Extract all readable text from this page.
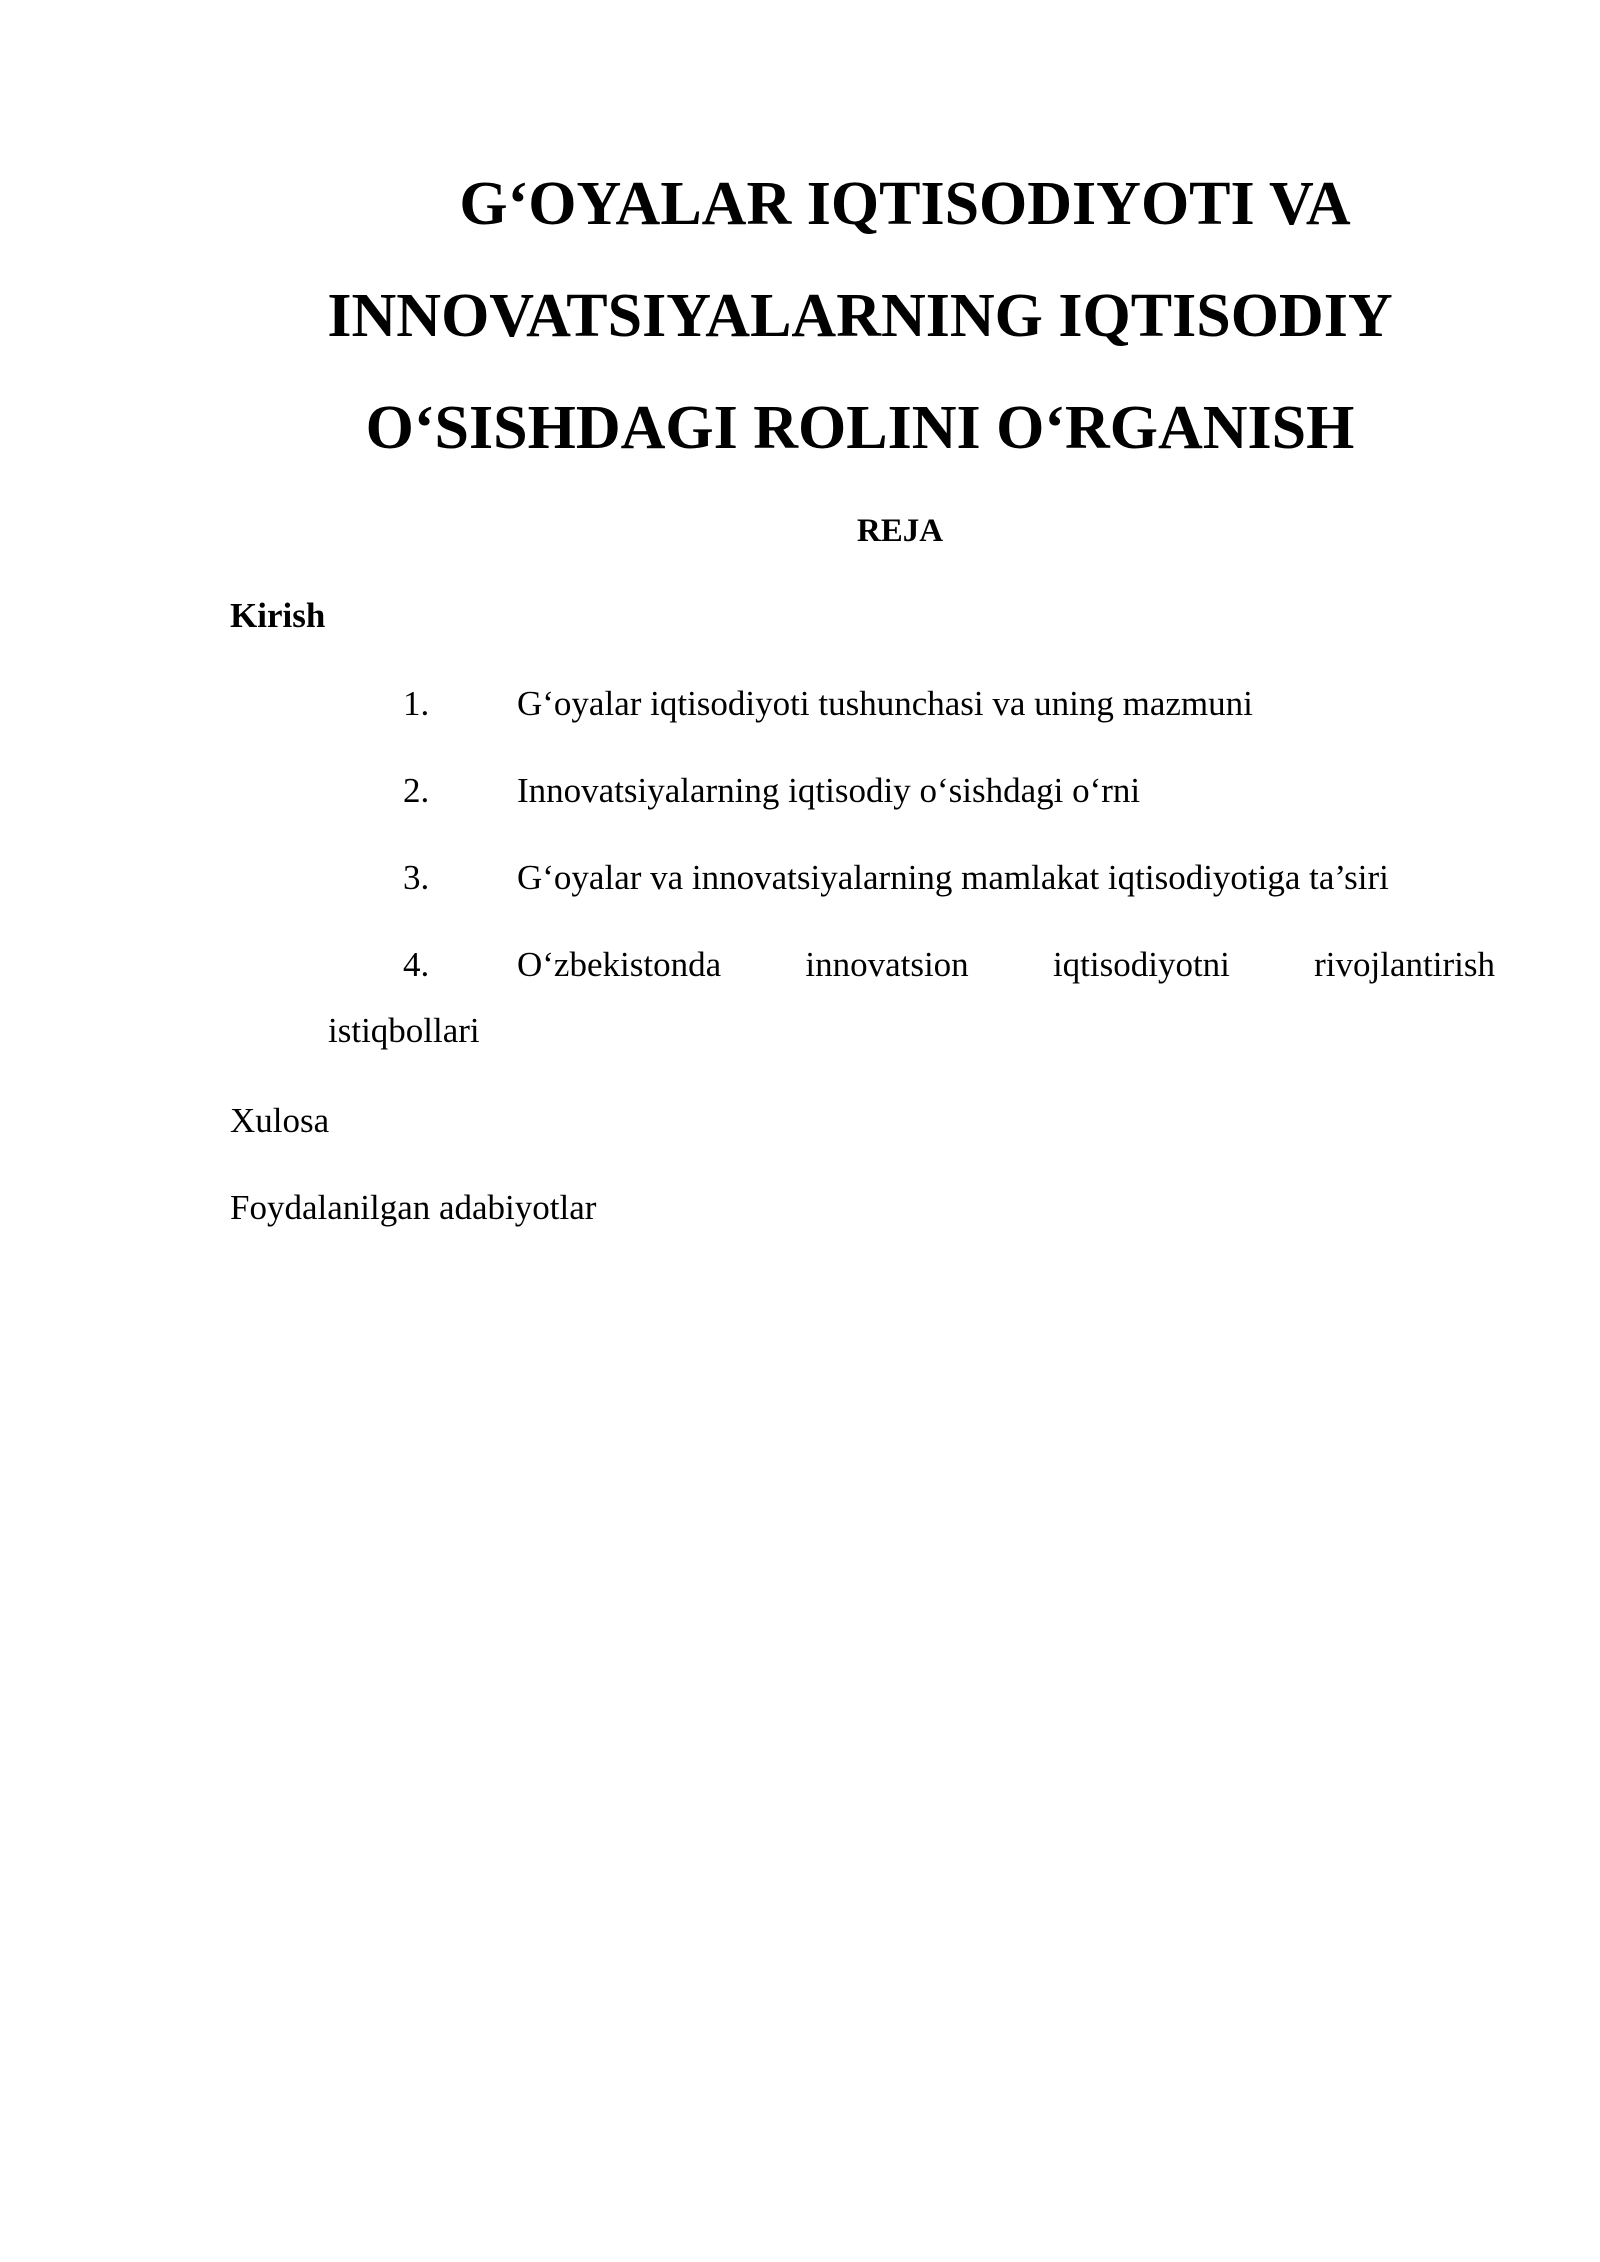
G‘OYALAR IQTISODIYOTI VA
INNOVATSIYALARNING IQTISODIY
O‘SISHDAGI ROLINI O‘RGANISH
REJA
Kirish
1.	G‘oyalar iqtisodiyoti tushunchasi va uning mazmuni
2.	Innovatsiyalarning iqtisodiy o‘sishdagi o‘rni
3.	G‘oyalar va innovatsiyalarning mamlakat iqtisodiyotiga ta’siri
4.	O‘zbekistonda innovatsion iqtisodiyotni rivojlantirish
istiqbollari
Xulosa
Foydalanilgan adabiyotlar
